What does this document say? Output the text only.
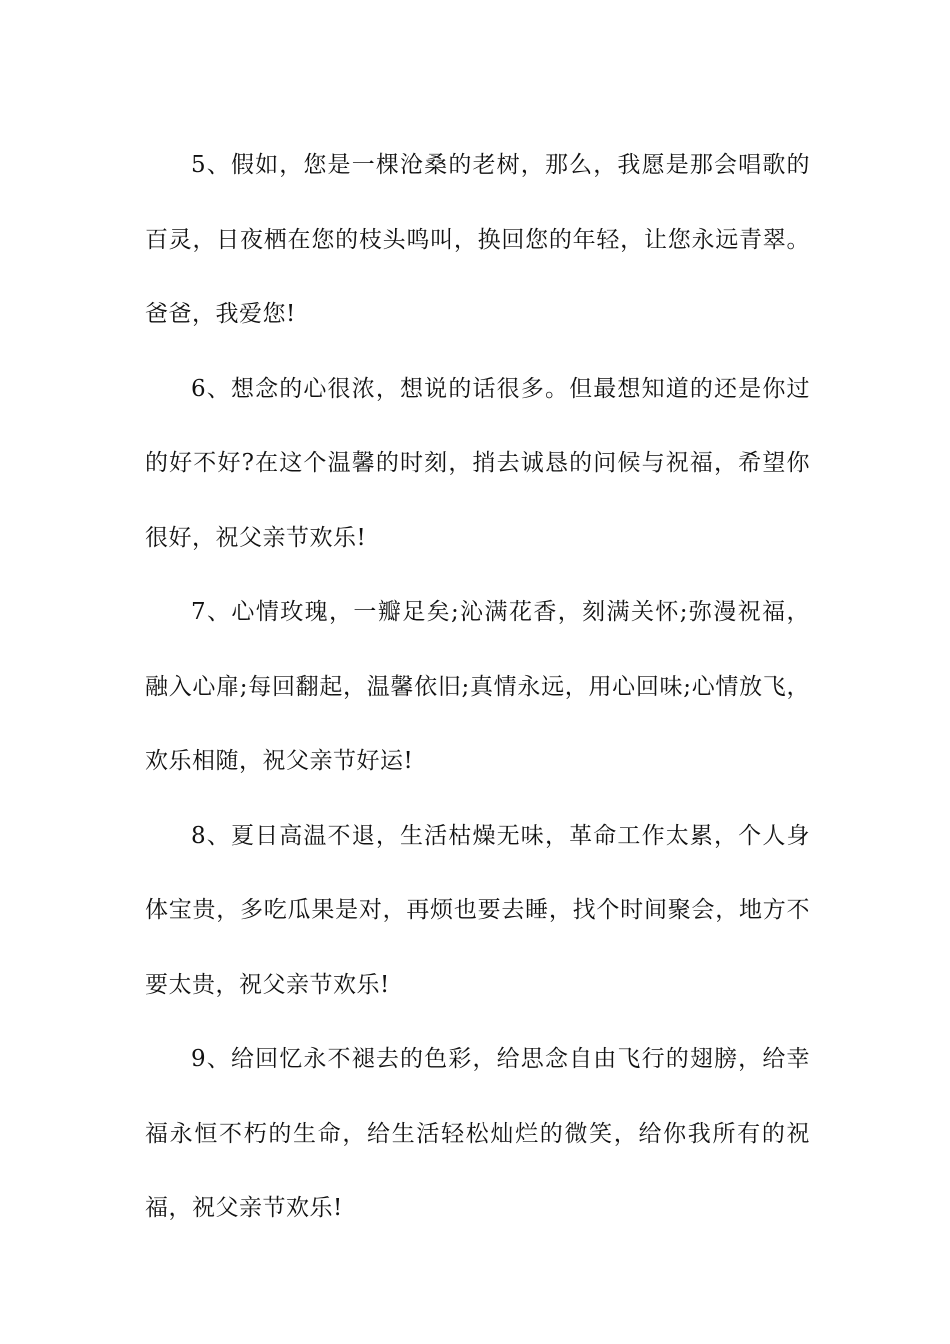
5、假如，您是一棵沧桑的老树，那么，我愿是那会唱歌的百灵，日夜栖在您的枝头鸣叫，换回您的年轻，让您永远青翠。爸爸，我爱您!

6、想念的心很浓，想说的话很多。但最想知道的还是你过的好不好?在这个温馨的时刻，捎去诚恳的问候与祝福，希望你很好，祝父亲节欢乐!

7、心情玫瑰，一瓣足矣;沁满花香，刻满关怀;弥漫祝福，融入心扉;每回翻起，温馨依旧;真情永远，用心回味;心情放飞，欢乐相随，祝父亲节好运!

8、夏日高温不退，生活枯燥无味，革命工作太累，个人身体宝贵，多吃瓜果是对，再烦也要去睡，找个时间聚会，地方不要太贵，祝父亲节欢乐!

9、给回忆永不褪去的色彩，给思念自由飞行的翅膀，给幸福永恒不朽的生命，给生活轻松灿烂的微笑，给你我所有的祝福，祝父亲节欢乐!
